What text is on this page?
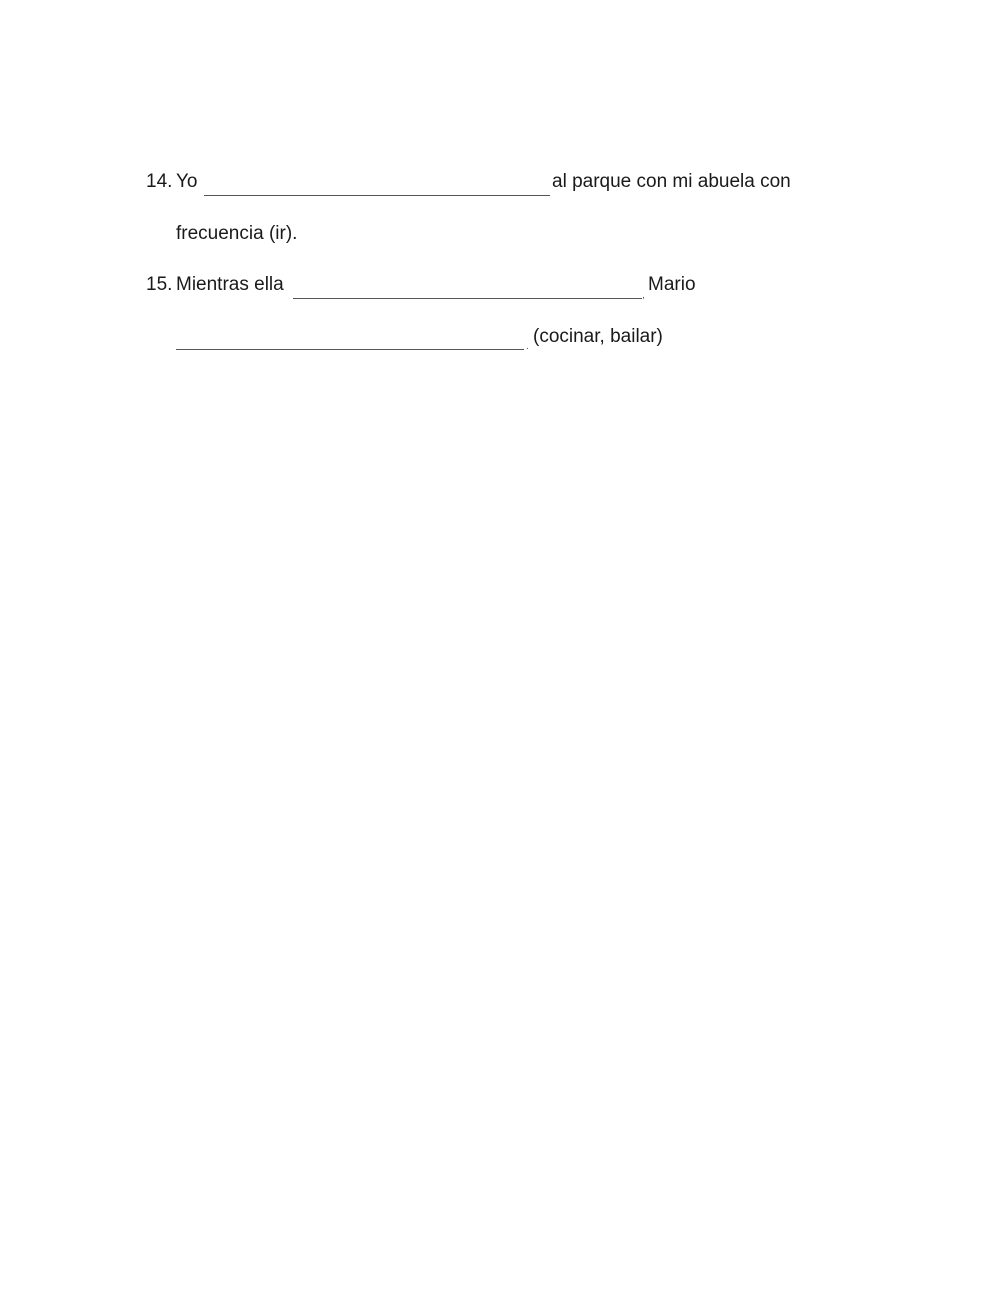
14. Yo	al parque con mi abuela con
frecuencia (ir).
15. Mientras ella
,
Mario
. (cocinar, bailar)
